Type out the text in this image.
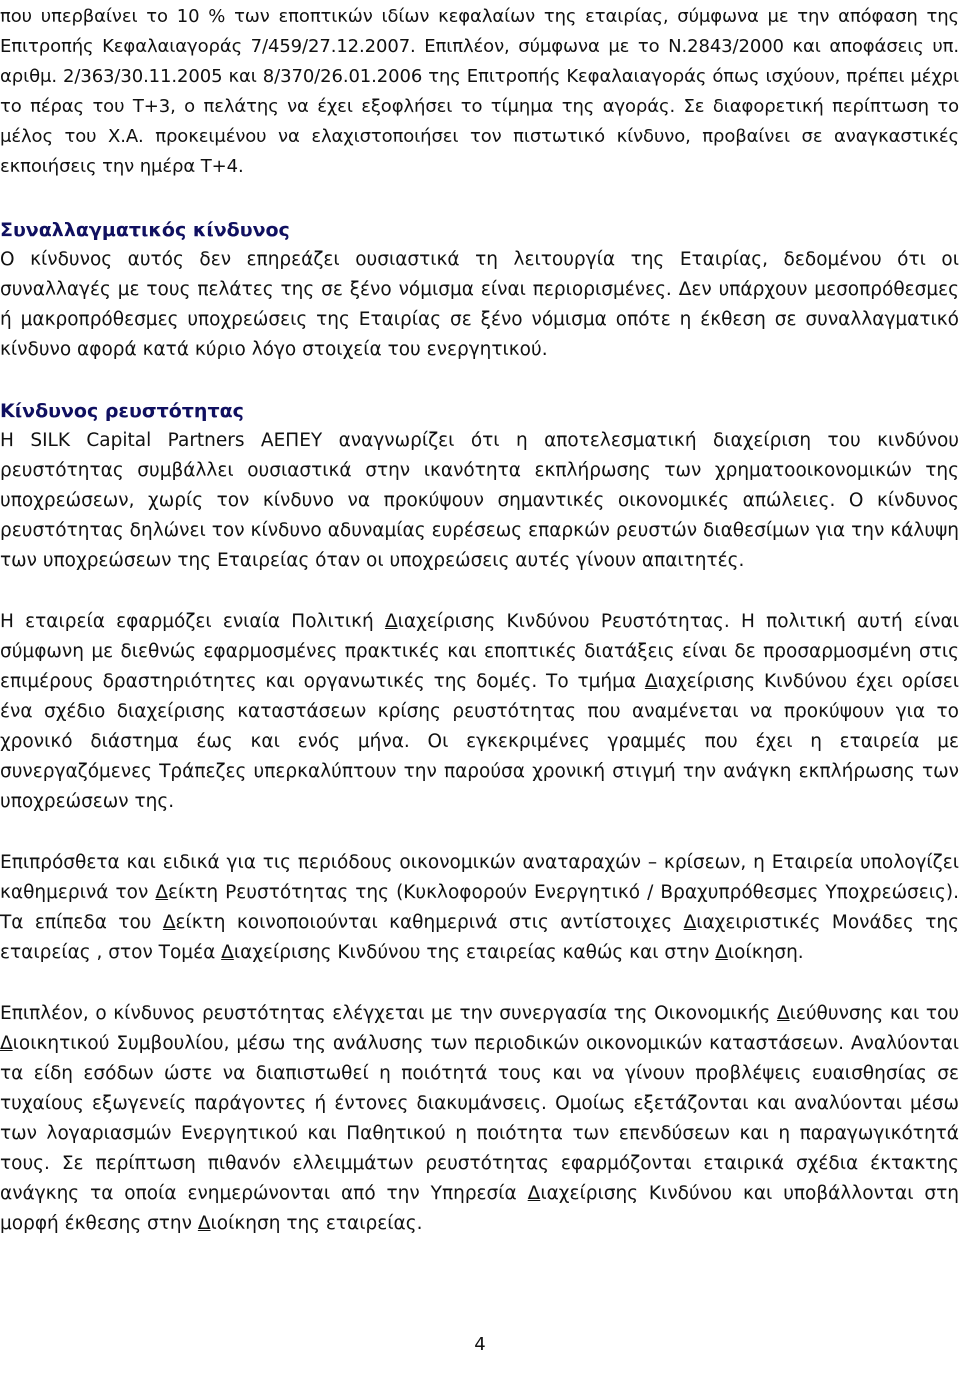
που υπερβαίνει το 10 % των εποπτικών ιδίων κεφαλαίων της εταιρίας, σύμφωνα με την απόφαση της Επιτροπής Κεφαλαιαγοράς 7/459/27.12.2007. Επιπλέον, σύμφωνα με το Ν.2843/2000 και αποφάσεις υπ. αριθμ. 2/363/30.11.2005 και 8/370/26.01.2006 της Επιτροπής Κεφαλαιαγοράς όπως ισχύουν, πρέπει μέχρι το πέρας του Τ+3, ο πελάτης να έχει εξοφλήσει το τίμημα της αγοράς. Σε διαφορετική περίπτωση το μέλος του Χ.Α. προκειμένου να ελαχιστοποιήσει τον πιστωτικό κίνδυνο, προβαίνει σε αναγκαστικές εκποιήσεις την ημέρα Τ+4.

Συναλλαγματικός κίνδυνος

Ο κίνδυνος αυτός δεν επηρεάζει ουσιαστικά τη λειτουργία της Εταιρίας, δεδομένου ότι οι συναλλαγές με τους πελάτες της σε ξένο νόμισμα είναι περιορισμένες. Δεν υπάρχουν μεσοπρόθεσμες ή μακροπρόθεσμες υποχρεώσεις της Εταιρίας σε ξένο νόμισμα οπότε η έκθεση σε συναλλαγματικό κίνδυνο αφορά κατά κύριο λόγο στοιχεία του ενεργητικού.

Κίνδυνος ρευστότητας

Η SILK Capital Partners ΑΕΠΕΥ αναγνωρίζει ότι η αποτελεσματική διαχείριση του κινδύνου ρευστότητας συμβάλλει ουσιαστικά στην ικανότητα εκπλήρωσης των χρηματοοικονομικών της υποχρεώσεων, χωρίς τον κίνδυνο να προκύψουν σημαντικές οικονομικές απώλειες. Ο κίνδυνος ρευστότητας δηλώνει τον κίνδυνο αδυναμίας ευρέσεως επαρκών ρευστών διαθεσίμων για την κάλυψη των υποχρεώσεων της Εταιρείας όταν οι υποχρεώσεις αυτές γίνουν απαιτητές.

Η εταιρεία εφαρμόζει ενιαία Πολιτική Διαχείρισης Κινδύνου Ρευστότητας. Η πολιτική αυτή είναι σύμφωνη με διεθνώς εφαρμοσμένες πρακτικές και εποπτικές διατάξεις είναι δε προσαρμοσμένη στις επιμέρους δραστηριότητες και οργανωτικές της δομές. Το τμήμα Διαχείρισης Κινδύνου έχει ορίσει ένα σχέδιο διαχείρισης καταστάσεων κρίσης ρευστότητας που αναμένεται να προκύψουν για το χρονικό διάστημα έως και ενός μήνα. Οι εγκεκριμένες γραμμές που έχει η εταιρεία με συνεργαζόμενες Τράπεζες υπερκαλύπτουν την παρούσα χρονική στιγμή την ανάγκη εκπλήρωσης των υποχρεώσεων της.

Επιπρόσθετα και ειδικά για τις περιόδους οικονομικών αναταραχών – κρίσεων, η Εταιρεία υπολογίζει καθημερινά τον Δείκτη Ρευστότητας της (Κυκλοφορούν Ενεργητικό / Βραχυπρόθεσμες Υποχρεώσεις). Τα επίπεδα του Δείκτη κοινοποιούνται καθημερινά στις αντίστοιχες Διαχειριστικές Μονάδες της εταιρείας , στον Τομέα Διαχείρισης Κινδύνου της εταιρείας καθώς και στην Διοίκηση.

Επιπλέον, ο κίνδυνος ρευστότητας ελέγχεται με την συνεργασία της Οικονομικής Διεύθυνσης και του Διοικητικού Συμβουλίου, μέσω της ανάλυσης των περιοδικών οικονομικών καταστάσεων. Αναλύονται τα είδη εσόδων ώστε να διαπιστωθεί η ποιότητά τους και να γίνουν προβλέψεις ευαισθησίας σε τυχαίους εξωγενείς παράγοντες ή έντονες διακυμάνσεις. Ομοίως εξετάζονται και αναλύονται μέσω των λογαριασμών Ενεργητικού και Παθητικού η ποιότητα των επενδύσεων και η παραγωγικότητά τους. Σε περίπτωση πιθανόν ελλειμμάτων ρευστότητας εφαρμόζονται εταιρικά σχέδια έκτακτης ανάγκης τα οποία ενημερώνονται από την Υπηρεσία Διαχείρισης Κινδύνου και υποβάλλονται στη μορφή έκθεσης στην Διοίκηση της εταιρείας.

4
